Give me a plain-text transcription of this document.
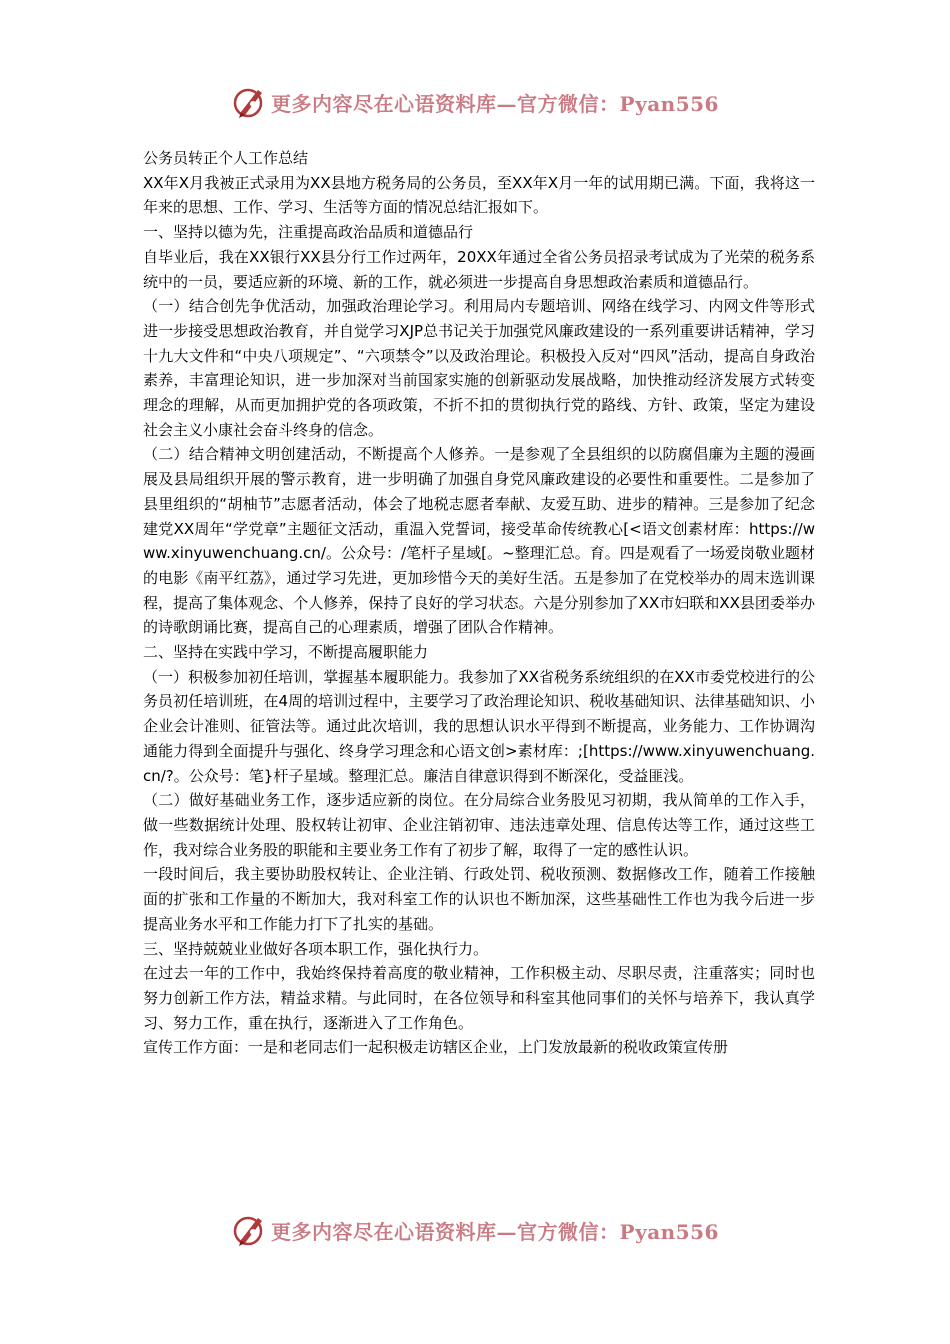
更多内容尽在心语资料库—官方微信：Pyan556

公务员转正个人工作总结

XX年X月我被正式录用为XX县地方税务局的公务员，至XX年X月一年的试用期已满。下面，我将这一年来的思想、工作、学习、生活等方面的情况总结汇报如下。

一、坚持以德为先，注重提高政治品质和道德品行

自毕业后，我在XX银行XX县分行工作过两年，20XX年通过全省公务员招录考试成为了光荣的税务系统中的一员，要适应新的环境、新的工作，就必须进一步提高自身思想政治素质和道德品行。

（一）结合创先争优活动，加强政治理论学习。利用局内专题培训、网络在线学习、内网文件等形式进一步接受思想政治教育，并自觉学习XJP总书记关于加强党风廉政建设的一系列重要讲话精神，学习十九大文件和“中央八项规定”、“六项禁令”以及政治理论。积极投入反对“四风”活动，提高自身政治素养，丰富理论知识，进一步加深对当前国家实施的创新驱动发展战略，加快推动经济发展方式转变理念的理解，从而更加拥护党的各项政策，不折不扣的贯彻执行党的路线、方针、政策，坚定为建设社会主义小康社会奋斗终身的信念。

（二）结合精神文明创建活动，不断提高个人修养。一是参观了全县组织的以防腐倡廉为主题的漫画展及县局组织开展的警示教育，进一步明确了加强自身党风廉政建设的必要性和重要性。二是参加了县里组织的“胡柚节”志愿者活动，体会了地税志愿者奉献、友爱互助、进步的精神。三是参加了纪念建党XX周年“学党章”主题征文活动，重温入党誓词，接受革命传统教心[<语文创素材库：https://www.xinyuwenchuang.cn/。公众号：/笔杆子星域[。~整理汇总。育。四是观看了一场爱岗敬业题材的电影《南平红荔》，通过学习先进，更加珍惜今天的美好生活。五是参加了在党校举办的周末选训课程，提高了集体观念、个人修养，保持了良好的学习状态。六是分别参加了XX市妇联和XX县团委举办的诗歌朗诵比赛，提高自己的心理素质，增强了团队合作精神。

二、坚持在实践中学习，不断提高履职能力

（一）积极参加初任培训，掌握基本履职能力。我参加了XX省税务系统组织的在XX市委党校进行的公务员初任培训班，在4周的培训过程中，主要学习了政治理论知识、税收基础知识、法律基础知识、小企业会计准则、征管法等。通过此次培训，我的思想认识水平得到不断提高，业务能力、工作协调沟通能力得到全面提升与强化、终身学习理念和心语文创>素材库：;[https://www.xinyuwenchuang.cn/?。公众号：笔}杆子星域。整理汇总。廉洁自律意识得到不断深化，受益匪浅。

（二）做好基础业务工作，逐步适应新的岗位。在分局综合业务股见习初期，我从简单的工作入手，做一些数据统计处理、股权转让初审、企业注销初审、违法违章处理、信息传达等工作，通过这些工作，我对综合业务股的职能和主要业务工作有了初步了解，取得了一定的感性认识。

一段时间后，我主要协助股权转让、企业注销、行政处罚、税收预测、数据修改工作，随着工作接触面的扩张和工作量的不断加大，我对科室工作的认识也不断加深，这些基础性工作也为我今后进一步提高业务水平和工作能力打下了扎实的基础。

三、坚持兢兢业业做好各项本职工作，强化执行力。

在过去一年的工作中，我始终保持着高度的敬业精神，工作积极主动、尽职尽责，注重落实；同时也努力创新工作方法，精益求精。与此同时，在各位领导和科室其他同事们的关怀与培养下，我认真学习、努力工作，重在执行，逐渐进入了工作角色。

宣传工作方面：一是和老同志们一起积极走访辖区企业，上门发放最新的税收政策宣传册

更多内容尽在心语资料库—官方微信：Pyan556
